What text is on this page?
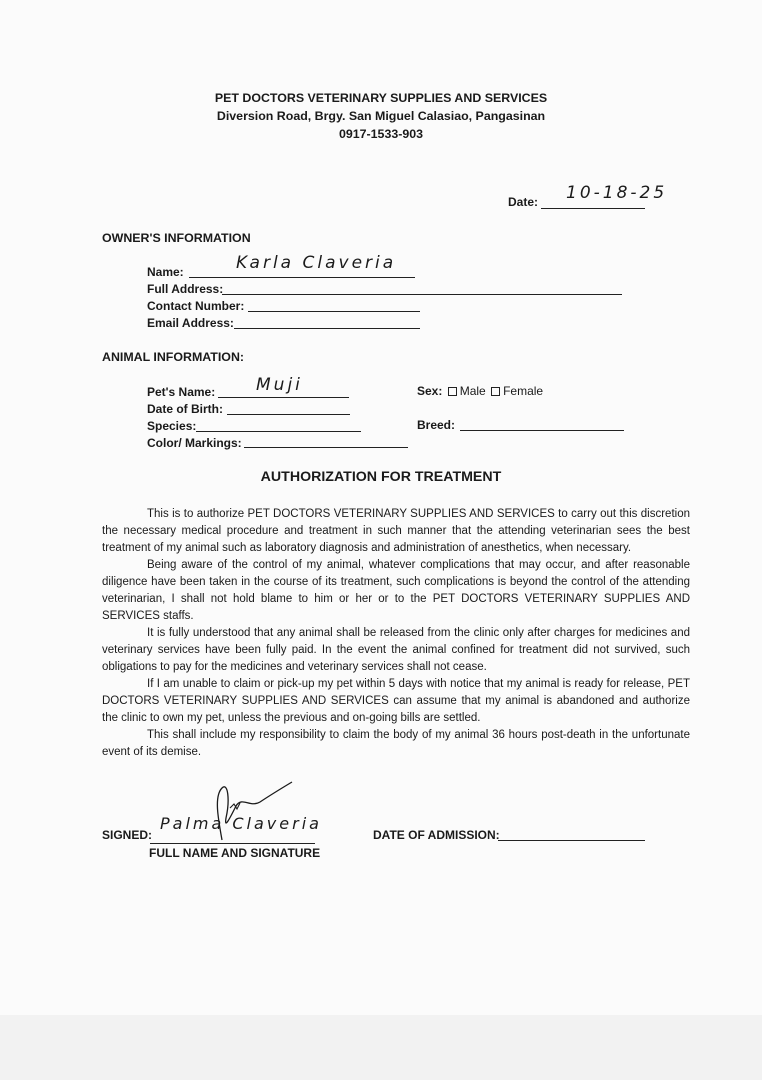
PET DOCTORS VETERINARY SUPPLIES AND SERVICES
Diversion Road, Brgy. San Miguel Calasiao, Pangasinan
0917-1533-903
Date: 10-18-25
OWNER'S INFORMATION
Name:	Karla Claveria
Full Address:
Contact Number:
Email Address:
ANIMAL INFORMATION:
Pet's Name: Muji
Date of Birth:
Species:
Color/ Markings:
Sex: Male Female
Breed:
AUTHORIZATION FOR TREATMENT

This is to authorize PET DOCTORS VETERINARY SUPPLIES AND SERVICES to carry out this discretion the necessary medical procedure and treatment in such manner that the attending veterinarian sees the best treatment of my animal such as laboratory diagnosis and administration of anesthetics, when necessary.

Being aware of the control of my animal, whatever complications that may occur, and after reasonable diligence have been taken in the course of its treatment, such complications is beyond the control of the attending veterinarian, I shall not hold blame to him or her or to the PET DOCTORS VETERINARY SUPPLIES AND SERVICES staffs.

It is fully understood that any animal shall be released from the clinic only after charges for medicines and veterinary services have been fully paid. In the event the animal confined for treatment did not survived, such obligations to pay for the medicines and veterinary services shall not cease.

If I am unable to claim or pick-up my pet within 5 days with notice that my animal is ready for release, PET DOCTORS VETERINARY SUPPLIES AND SERVICES can assume that my animal is abandoned and authorize the clinic to own my pet, unless the previous and on-going bills are settled.

This shall include my responsibility to claim the body of my animal 36 hours post-death in the unfortunate event of its demise.

SIGNED:
Palma Claveria
FULL NAME AND SIGNATURE
DATE OF ADMISSION:
